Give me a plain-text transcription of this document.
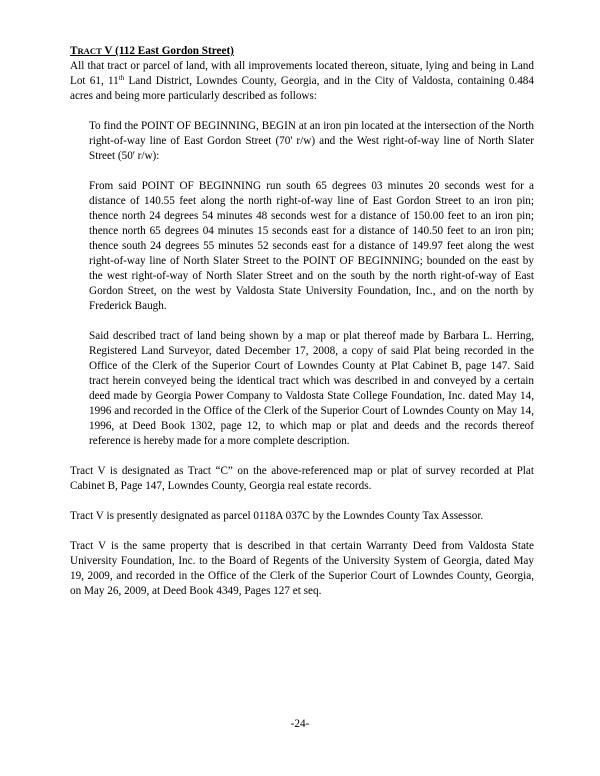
TRACT V (112 East Gordon Street)

All that tract or parcel of land, with all improvements located thereon, situate, lying and being in Land Lot 61, 11th Land District, Lowndes County, Georgia, and in the City of Valdosta, containing 0.484 acres and being more particularly described as follows:

To find the POINT OF BEGINNING, BEGIN at an iron pin located at the intersection of the North right-of-way line of East Gordon Street (70' r/w) and the West right-of-way line of North Slater Street (50' r/w):

From said POINT OF BEGINNING run south 65 degrees 03 minutes 20 seconds west for a distance of 140.55 feet along the north right-of-way line of East Gordon Street to an iron pin; thence north 24 degrees 54 minutes 48 seconds west for a distance of 150.00 feet to an iron pin; thence north 65 degrees 04 minutes 15 seconds east for a distance of 140.50 feet to an iron pin; thence south 24 degrees 55 minutes 52 seconds east for a distance of 149.97 feet along the west right-of-way line of North Slater Street to the POINT OF BEGINNING; bounded on the east by the west right-of-way of North Slater Street and on the south by the north right-of-way of East Gordon Street, on the west by Valdosta State University Foundation, Inc., and on the north by Frederick Baugh.

Said described tract of land being shown by a map or plat thereof made by Barbara L. Herring, Registered Land Surveyor, dated December 17, 2008, a copy of said Plat being recorded in the Office of the Clerk of the Superior Court of Lowndes County at Plat Cabinet B, page 147. Said tract herein conveyed being the identical tract which was described in and conveyed by a certain deed made by Georgia Power Company to Valdosta State College Foundation, Inc. dated May 14, 1996 and recorded in the Office of the Clerk of the Superior Court of Lowndes County on May 14, 1996, at Deed Book 1302, page 12, to which map or plat and deeds and the records thereof reference is hereby made for a more complete description.

Tract V is designated as Tract “C” on the above-referenced map or plat of survey recorded at Plat Cabinet B, Page 147, Lowndes County, Georgia real estate records.

Tract V is presently designated as parcel 0118A 037C by the Lowndes County Tax Assessor.

Tract V is the same property that is described in that certain Warranty Deed from Valdosta State University Foundation, Inc. to the Board of Regents of the University System of Georgia, dated May 19, 2009, and recorded in the Office of the Clerk of the Superior Court of Lowndes County, Georgia, on May 26, 2009, at Deed Book 4349, Pages 127 et seq.

-24-
